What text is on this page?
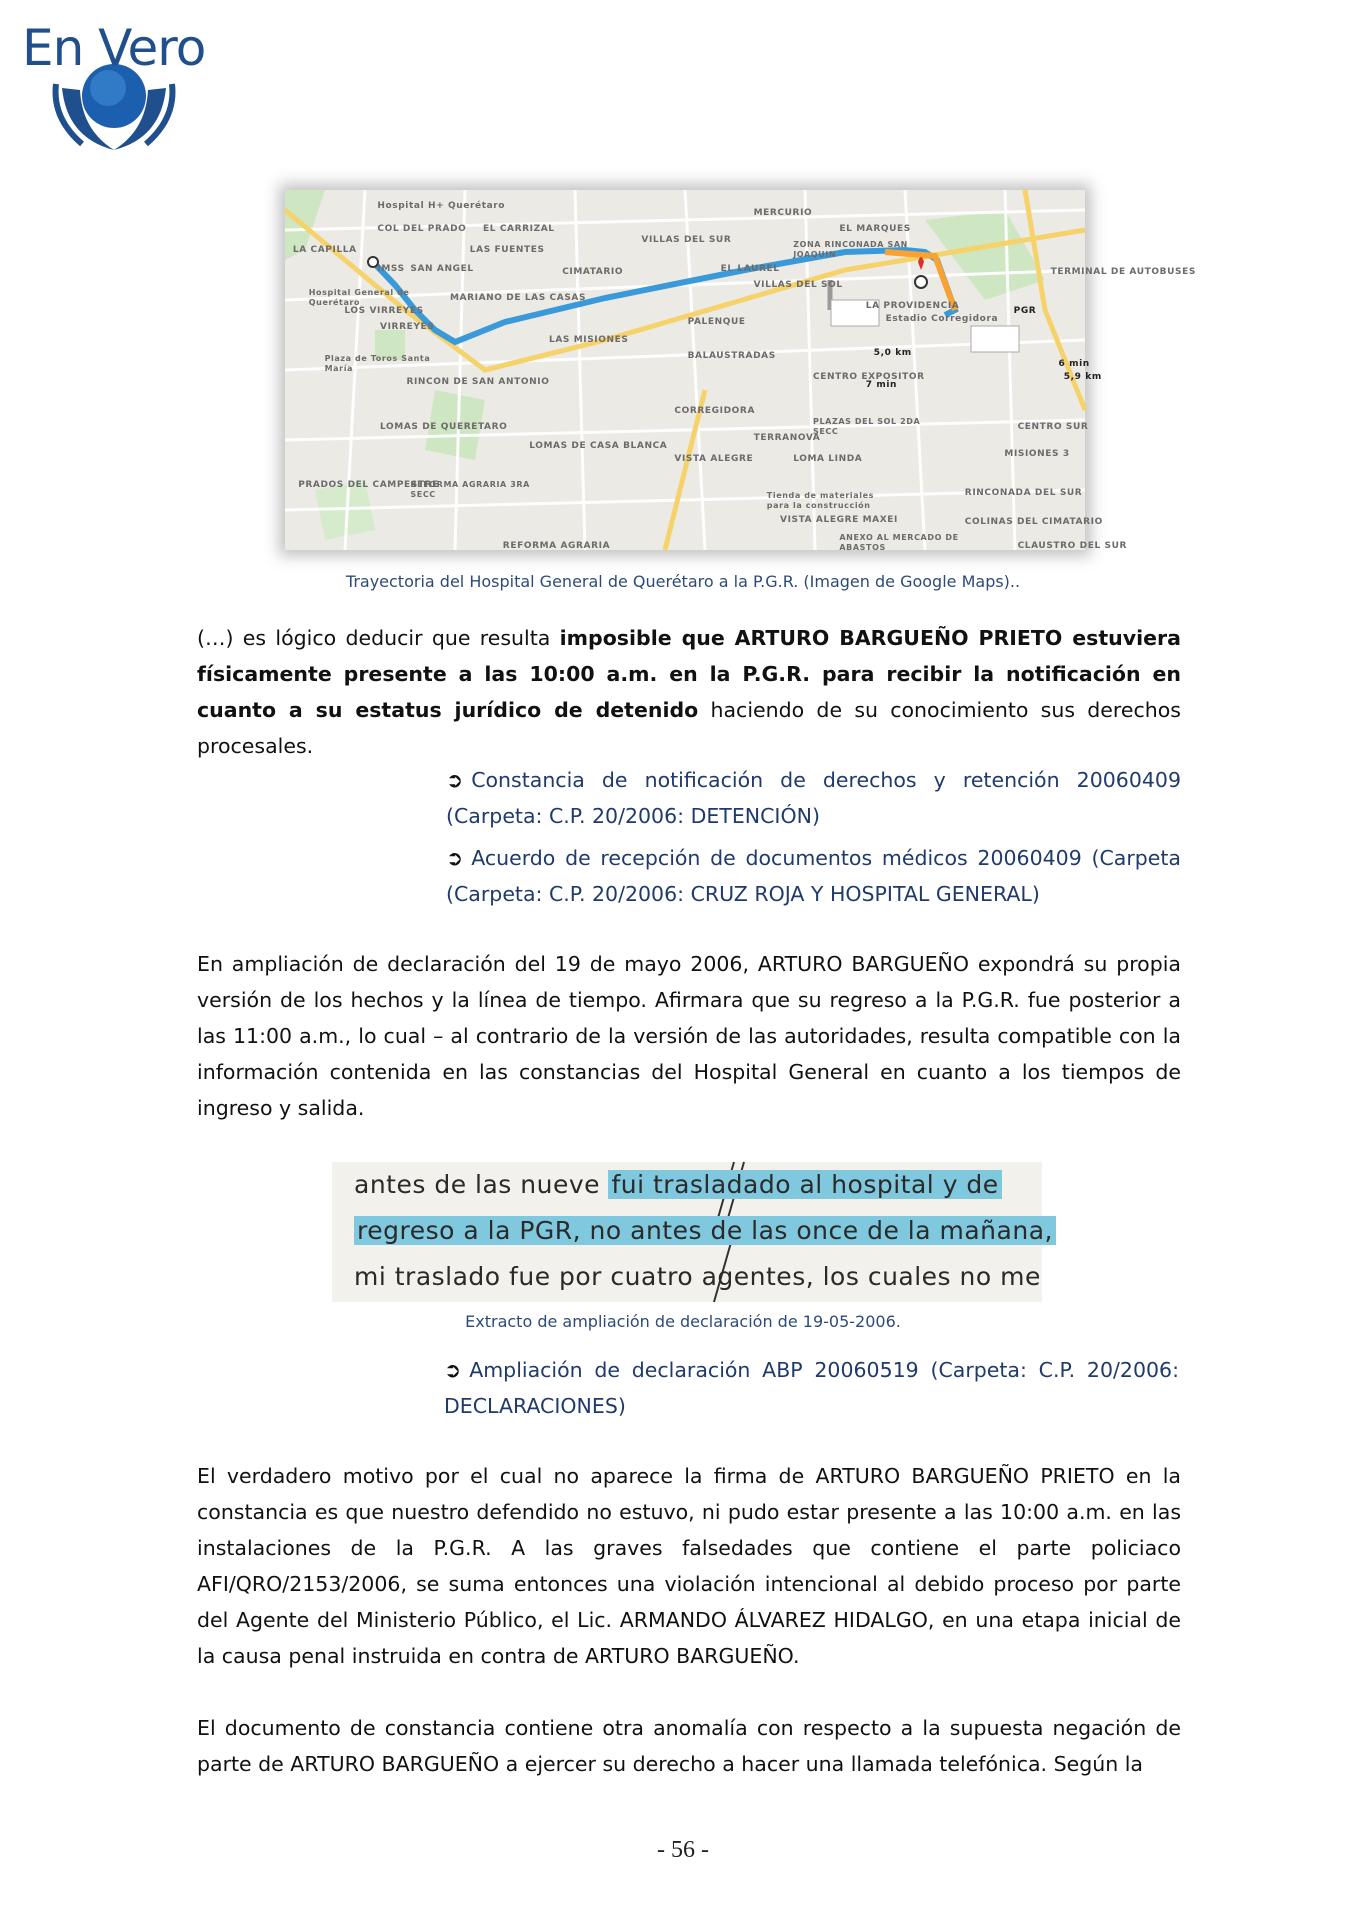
En Vero
Hospital H+ Querétaro
COL DEL PRADO EL CARRIZAL
MERCURIO
EL MARQUES
LA CAPILLA	LAS FUENTES
VILLAS DEL SUR	ZONA RINCONADA SAN JOAQUIN
IMSS SAN ANGEL	CIMATARIO	EL LAUREL
VILLAS DEL SOL
TERMINAL DE AUTOBUSES
Hospital General de Querétaro	MARIANO DE LAS CASAS
LOS VIRREYES
VIRREYES
PALENQUE
LA PROVIDENCIA
Estadio Corregidora
PGR
LAS MISIONES
BALAUSTRADAS
7 min
5,0 km
6 min
5,9 km
Plaza de Toros Santa María
RINCON DE SAN ANTONIO
CENTRO EXPOSITOR
LOMAS DE QUERETARO
CORREGIDORA
PLAZAS DEL SOL 2DA SECC	CENTRO SUR
LOMAS DE CASA BLANCA
TERRANOVA
VISTA ALEGRE	LOMA LINDA
MISIONES 3
PRADOS DEL CAMPESTRE
REFORMA AGRARIA 3RA SECC	RINCONADA DEL SUR
Tienda de materiales para la construcción
VISTA ALEGRE MAXEI	COLINAS DEL CIMATARIO
ANEXO AL MERCADO DE ABASTOS	CLAUSTRO DEL SUR
REFORMA AGRARIA
Trayectoria del Hospital General de Querétaro a la P.G.R. (Imagen de Google Maps)..
(…) es lógico deducir que resulta imposible que ARTURO BARGUEÑO PRIETO estuviera físicamente presente a las 10:00 a.m. en la P.G.R. para recibir la notificación en cuanto a su estatus jurídico de detenido haciendo de su conocimiento sus derechos procesales.
➲ Constancia de notificación de derechos y retención 20060409 (Carpeta: C.P. 20/2006: DETENCIÓN)
➲ Acuerdo de recepción de documentos médicos 20060409 (Carpeta (Carpeta: C.P. 20/2006: CRUZ ROJA Y HOSPITAL GENERAL)
En ampliación de declaración del 19 de mayo 2006, ARTURO BARGUEÑO expondrá su propia versión de los hechos y la línea de tiempo. Afirmara que su regreso a la P.G.R. fue posterior a las 11:00 a.m., lo cual – al contrario de la versión de las autoridades, resulta compatible con la información contenida en las constancias del Hospital General en cuanto a los tiempos de ingreso y salida.
antes de las nueve fui trasladado al hospital y de
regreso a la PGR, no antes de las once de la mañana,
mi traslado fue por cuatro agentes, los cuales no me
Extracto de ampliación de declaración de 19-05-2006.
➲ Ampliación de declaración ABP 20060519 (Carpeta: C.P. 20/2006: DECLARACIONES)
El verdadero motivo por el cual no aparece la firma de ARTURO BARGUEÑO PRIETO en la constancia es que nuestro defendido no estuvo, ni pudo estar presente a las 10:00 a.m. en las instalaciones de la P.G.R. A las graves falsedades que contiene el parte policiaco AFI/QRO/2153/2006, se suma entonces una violación intencional al debido proceso por parte del Agente del Ministerio Público, el Lic. ARMANDO ÁLVAREZ HIDALGO, en una etapa inicial de la causa penal instruida en contra de ARTURO BARGUEÑO.
El documento de constancia contiene otra anomalía con respecto a la supuesta negación de parte de ARTURO BARGUEÑO a ejercer su derecho a hacer una llamada telefónica. Según la
- 56 -
